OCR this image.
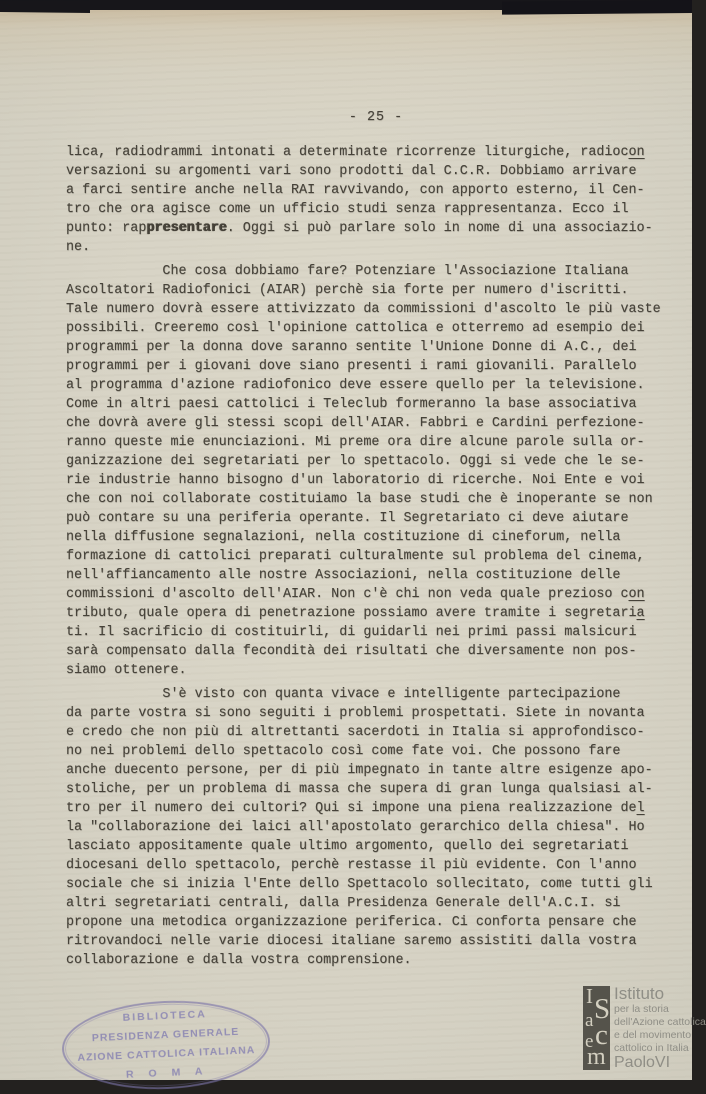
- 25 -
lica, radiodrammi intonati a determinate ricorrenze liturgiche, radiocon
versazioni su argomenti vari sono prodotti dal C.C.R. Dobbiamo arrivare
a farci sentire anche nella RAI ravvivando, con apporto esterno, il Cen-
tro che ora agisce come un ufficio studi senza rappresentanza. Ecco il
punto: rappresentare. Oggi si può parlare solo in nome di una associazio-
ne.
Che cosa dobbiamo fare? Potenziare l'Associazione Italiana
Ascoltatori Radiofonici (AIAR) perchè sia forte per numero d'iscritti.
Tale numero dovrà essere attivizzato da commissioni d'ascolto le più vaste
possibili. Creeremo così l'opinione cattolica e otterremo ad esempio dei
programmi per la donna dove saranno sentite l'Unione Donne di A.C., dei
programmi per i giovani dove siano presenti i rami giovanili. Parallelo
al programma d'azione radiofonico deve essere quello per la televisione.
Come in altri paesi cattolici i Teleclub formeranno la base associativa
che dovrà avere gli stessi scopi dell'AIAR. Fabbri e Cardini perfezione-
ranno queste mie enunciazioni. Mi preme ora dire alcune parole sulla or-
ganizzazione dei segretariati per lo spettacolo. Oggi si vede che le se-
rie industrie hanno bisogno d'un laboratorio di ricerche. Noi Ente e voi
che con noi collaborate costituiamo la base studi che è inoperante se non
può contare su una periferia operante. Il Segretariato ci deve aiutare
nella diffusione segnalazioni, nella costituzione di cineforum, nella
formazione di cattolici preparati culturalmente sul problema del cinema,
nell'affiancamento alle nostre Associazioni, nella costituzione delle
commissioni d'ascolto dell'AIAR. Non c'è chi non veda quale prezioso con
tributo, quale opera di penetrazione possiamo avere tramite i segretaria
ti. Il sacrificio di costituirli, di guidarli nei primi passi malsicuri
sarà compensato dalla fecondità dei risultati che diversamente non pos-
siamo ottenere.
S'è visto con quanta vivace e intelligente partecipazione
da parte vostra si sono seguiti i problemi prospettati. Siete in novanta
e credo che non più di altrettanti sacerdoti in Italia si approfondisco-
no nei problemi dello spettacolo così come fate voi. Che possono fare
anche duecento persone, per di più impegnato in tante altre esigenze apo-
stoliche, per un problema di massa che supera di gran lunga qualsiasi al-
tro per il numero dei cultori? Qui si impone una piena realizzazione del
la "collaborazione dei laici all'apostolato gerarchico della chiesa". Ho
lasciato appositamente quale ultimo argomento, quello dei segretariati
diocesani dello spettacolo, perchè restasse il più evidente. Con l'anno
sociale che si inizia l'Ente dello Spettacolo sollecitato, come tutti gli
altri segretariati centrali, dalla Presidenza Generale dell'A.C.I. si
propone una metodica organizzazione periferica. Ci conforta pensare che
ritrovandoci nelle varie diocesi italiane saremo assistiti dalla vostra
collaborazione e dalla vostra comprensione.
BIBLIOTECA
PRESIDENZA GENERALE
AZIONE CATTOLICA ITALIANA
R O M A
I S
a c
e
m
Istituto
per la storia
dell'Azione cattolica
e del movimento
cattolico in Italia
PaoloVI
